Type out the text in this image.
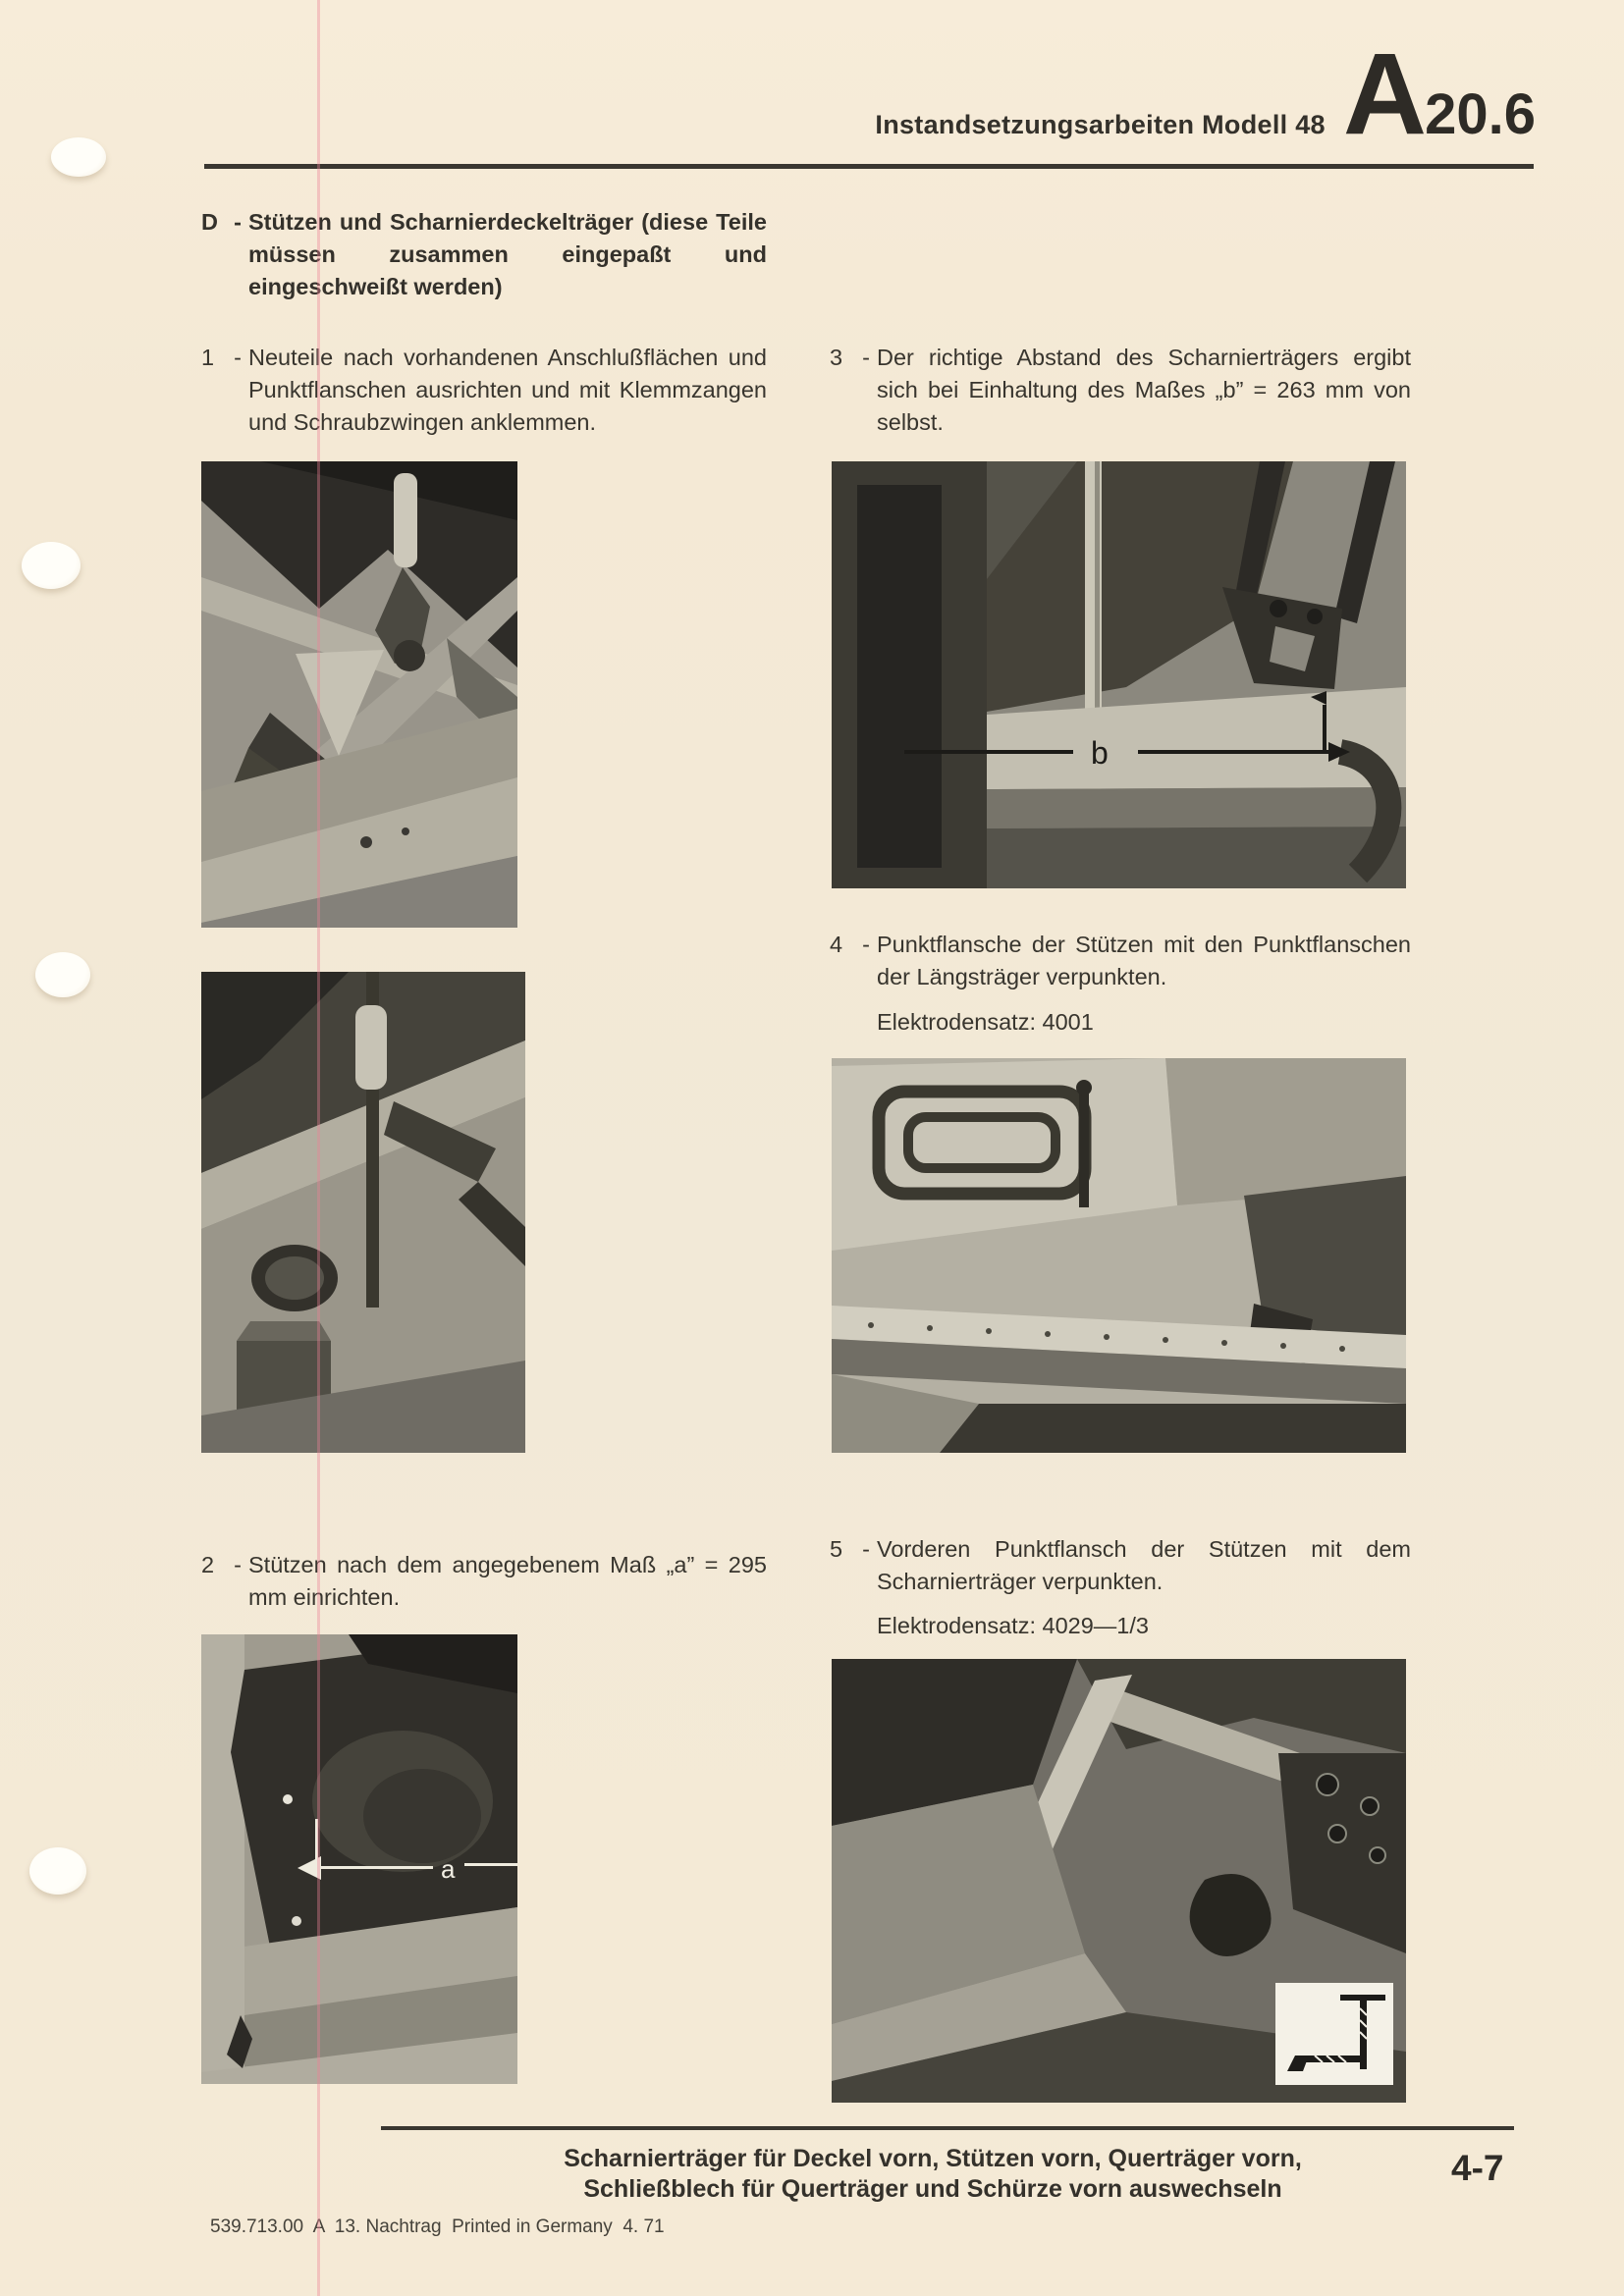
Instandsetzungsarbeiten Modell 48 A20.6
D - Stützen und Scharnierdeckelträger (diese Teile müssen zusammen eingepaßt und eingeschweißt werden)

1 - Neuteile nach vorhandenen Anschlußflächen und Punktflanschen ausrichten und mit Klemmzangen und Schraubzwingen anklemmen.

3 - Der richtige Abstand des Scharnierträgers ergibt sich bei Einhaltung des Maßes „b” = 263 mm von selbst.

b
4 - Punktflansche der Stützen mit den Punktflanschen der Längsträger verpunkten.

Elektrodensatz: 4001
2 - Stützen nach dem angegebenem Maß „a” = 295 mm einrichten.

5 - Vorderen Punktflansch der Stützen mit dem Scharnierträger verpunkten.

Elektrodensatz: 4029—1/3
a
Scharnierträger für Deckel vorn, Stützen vorn, Querträger vorn,
Schließblech für Querträger und Schürze vorn auswechseln
4-7
539.713.00  A  13. Nachtrag  Printed in Germany  4. 71
